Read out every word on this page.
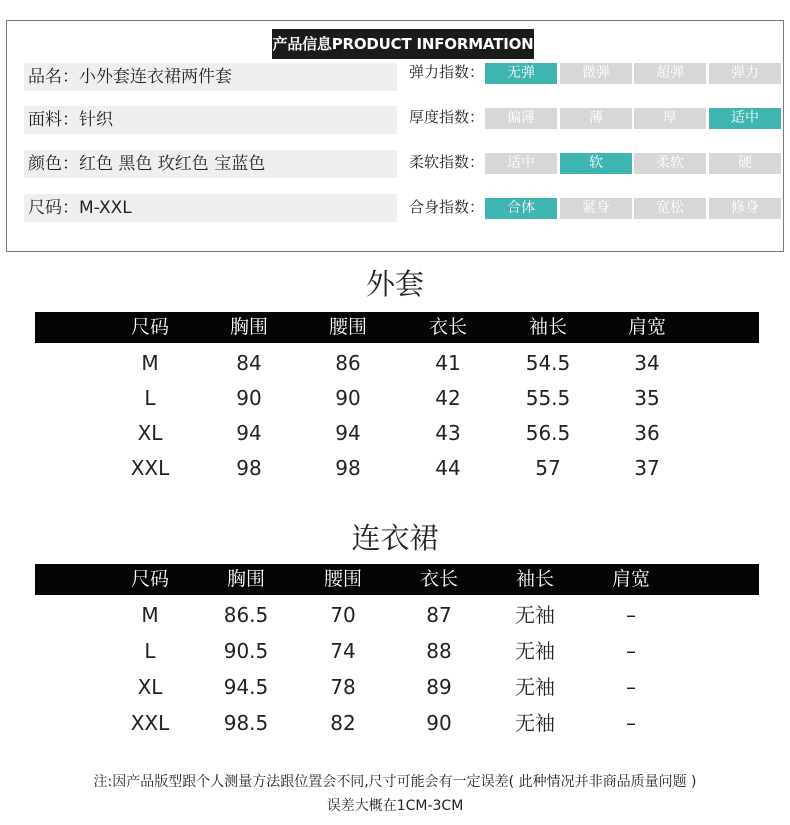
产品信息PRODUCT INFORMATION
品名：小外套连衣裙两件套
面料：针织
颜色：红色 黑色 玫红色 宝蓝色
尺码：M-XXL
弹力指数：	无弹	微弹	超弹	弹力
厚度指数：	偏薄	薄	厚	适中
柔软指数：	适中	软	柔软	硬
合身指数：	合体	紧身	宽松	修身
外套
尺码	胸围	腰围	衣长	袖长	肩宽
M	84	86	41	54.5	34
L	90	90	42	55.5	35
XL	94	94	43	56.5	36
XXL	98	98	44	57	37
连衣裙
尺码	胸围	腰围	衣长	袖长	肩宽
M	86.5	70	87	无袖	–
L	90.5	74	88	无袖	–
XL	94.5	78	89	无袖	–
XXL	98.5	82	90	无袖	–
注:因产品版型跟个人测量方法跟位置会不同,尺寸可能会有一定误差( 此种情况并非商品质量问题 )
误差大概在1CM-3CM
